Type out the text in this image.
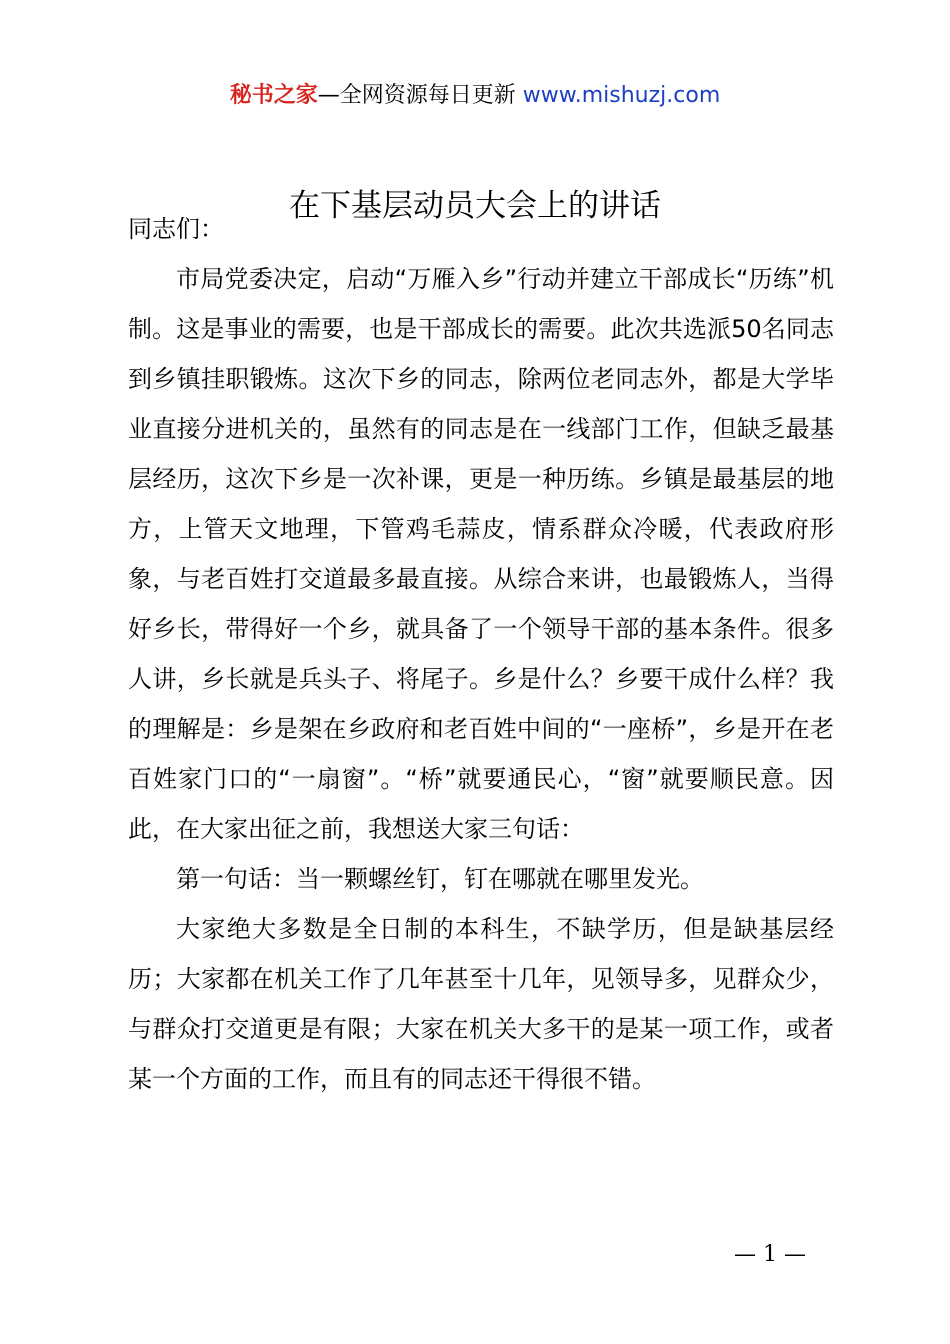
秘书之家—全网资源每日更新 www.mishuzj.com
在下基层动员大会上的讲话

同志们：

市局党委决定，启动“万雁入乡”行动并建立干部成长“历练”机制。这是事业的需要，也是干部成长的需要。此次共选派50名同志到乡镇挂职锻炼。这次下乡的同志，除两位老同志外，都是大学毕业直接分进机关的，虽然有的同志是在一线部门工作，但缺乏最基层经历，这次下乡是一次补课，更是一种历练。乡镇是最基层的地方，上管天文地理，下管鸡毛蒜皮，情系群众冷暖，代表政府形象，与老百姓打交道最多最直接。从综合来讲，也最锻炼人，当得好乡长，带得好一个乡，就具备了一个领导干部的基本条件。很多人讲，乡长就是兵头子、将尾子。乡是什么？乡要干成什么样？我的理解是：乡是架在乡政府和老百姓中间的“一座桥”，乡是开在老百姓家门口的“一扇窗”。“桥”就要通民心，“窗”就要顺民意。因此，在大家出征之前，我想送大家三句话：

第一句话：当一颗螺丝钉，钉在哪就在哪里发光。

大家绝大多数是全日制的本科生，不缺学历，但是缺基层经历；大家都在机关工作了几年甚至十几年，见领导多，见群众少，与群众打交道更是有限；大家在机关大多干的是某一项工作，或者某一个方面的工作，而且有的同志还干得很不错。

— 1 —
